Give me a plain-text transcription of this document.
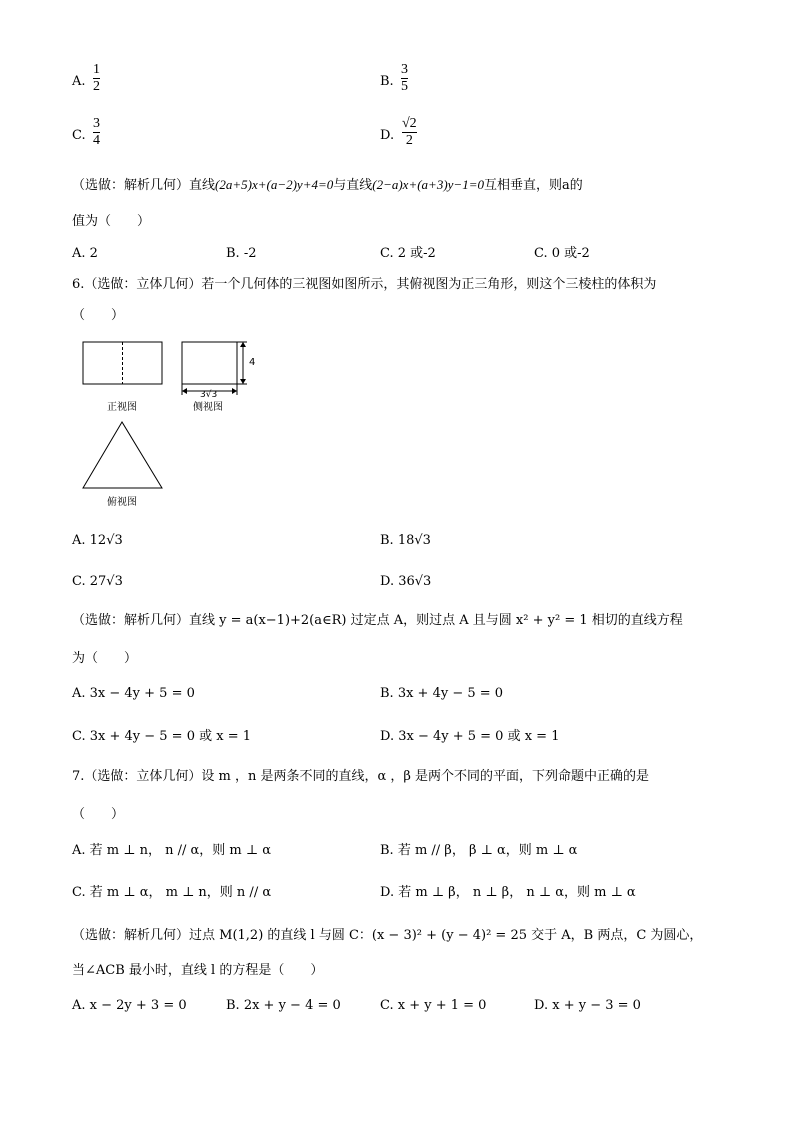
A.
1
2	B.
3
5
C.
3
4	D.
√2
2
（选做：解析几何）直线(2a+5)x+(a−2)y+4=0与直线(2−a)x+(a+3)y−1=0互相垂直，则a的
值为（　　）
A. 2	B. -2	C. 2 或-2	C. 0 或-2
6.（选做：立体几何）若一个几何体的三视图如图所示，其俯视图为正三角形，则这个三棱柱的体积为
（　　）
4
3√3
正视图	侧视图
俯视图
A. 12√3	B. 18√3
C. 27√3	D. 36√3
（选做：解析几何）直线 y = a(x−1)+2(a∈R) 过定点 A，则过点 A 且与圆 x² + y² = 1 相切的直线方程
为（　　）
A. 3x − 4y + 5 = 0	B. 3x + 4y − 5 = 0
C. 3x + 4y − 5 = 0 或 x = 1	D. 3x − 4y + 5 = 0 或 x = 1
7.（选做：立体几何）设 m ，n 是两条不同的直线，α ，β 是两个不同的平面，下列命题中正确的是
（　　）
A. 若 m ⊥ n， n // α，则 m ⊥ α	B. 若 m // β， β ⊥ α，则 m ⊥ α
C. 若 m ⊥ α， m ⊥ n，则 n // α	D. 若 m ⊥ β， n ⊥ β， n ⊥ α，则 m ⊥ α
（选做：解析几何）过点 M(1,2) 的直线 l 与圆 C：(x − 3)² + (y − 4)² = 25 交于 A，B 两点，C 为圆心，
当∠ACB 最小时，直线 l 的方程是（　　）
A. x − 2y + 3 = 0	B. 2x + y − 4 = 0	C. x + y + 1 = 0	D. x + y − 3 = 0
